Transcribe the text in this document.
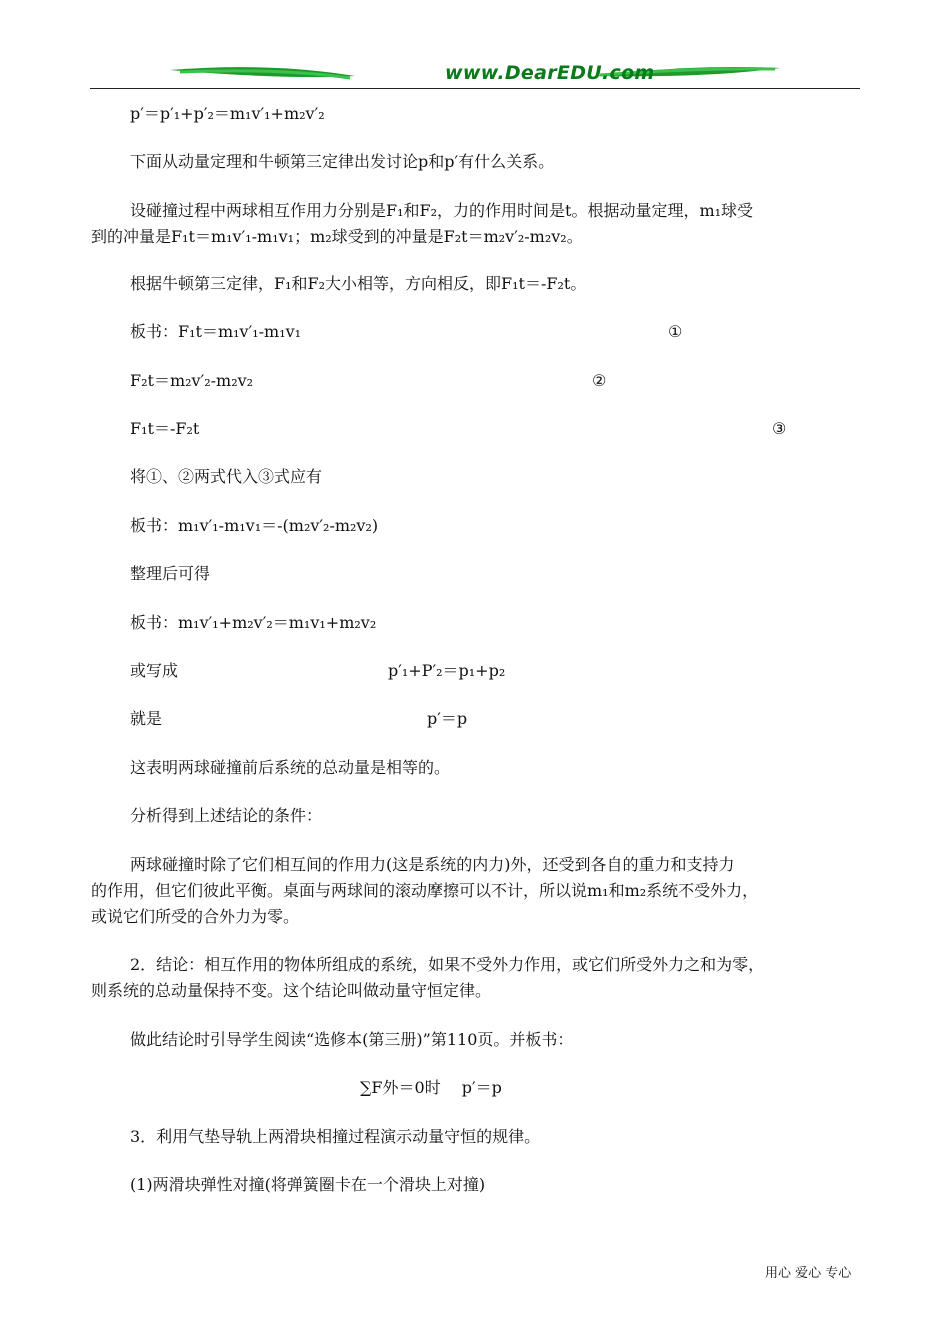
www.DearEDU.com
p′＝p′₁+p′₂＝m₁v′₁+m₂v′₂
下面从动量定理和牛顿第三定律出发讨论p和p′有什么关系。
设碰撞过程中两球相互作用力分别是F₁和F₂，力的作用时间是t。根据动量定理，m₁球受
到的冲量是F₁t＝m₁v′₁-m₁v₁；m₂球受到的冲量是F₂t＝m₂v′₂-m₂v₂。
根据牛顿第三定律，F₁和F₂大小相等，方向相反，即F₁t＝-F₂t。
板书：F₁t＝m₁v′₁-m₁v₁	①
F₂t＝m₂v′₂-m₂v₂	②
F₁t＝-F₂t	③
将①、②两式代入③式应有
板书：m₁v′₁-m₁v₁＝-(m₂v′₂-m₂v₂)
整理后可得
板书：m₁v′₁+m₂v′₂＝m₁v₁+m₂v₂
或写成	p′₁+P′₂＝p₁+p₂
就是	p′＝p
这表明两球碰撞前后系统的总动量是相等的。
分析得到上述结论的条件：
两球碰撞时除了它们相互间的作用力(这是系统的内力)外，还受到各自的重力和支持力
的作用，但它们彼此平衡。桌面与两球间的滚动摩擦可以不计，所以说m₁和m₂系统不受外力，
或说它们所受的合外力为零。
2．结论：相互作用的物体所组成的系统，如果不受外力作用，或它们所受外力之和为零，
则系统的总动量保持不变。这个结论叫做动量守恒定律。
做此结论时引导学生阅读“选修本(第三册)”第110页。并板书：
∑F外＝0时　 p′＝p
3．利用气垫导轨上两滑块相撞过程演示动量守恒的规律。
(1)两滑块弹性对撞(将弹簧圈卡在一个滑块上对撞)
用心 爱心 专心
